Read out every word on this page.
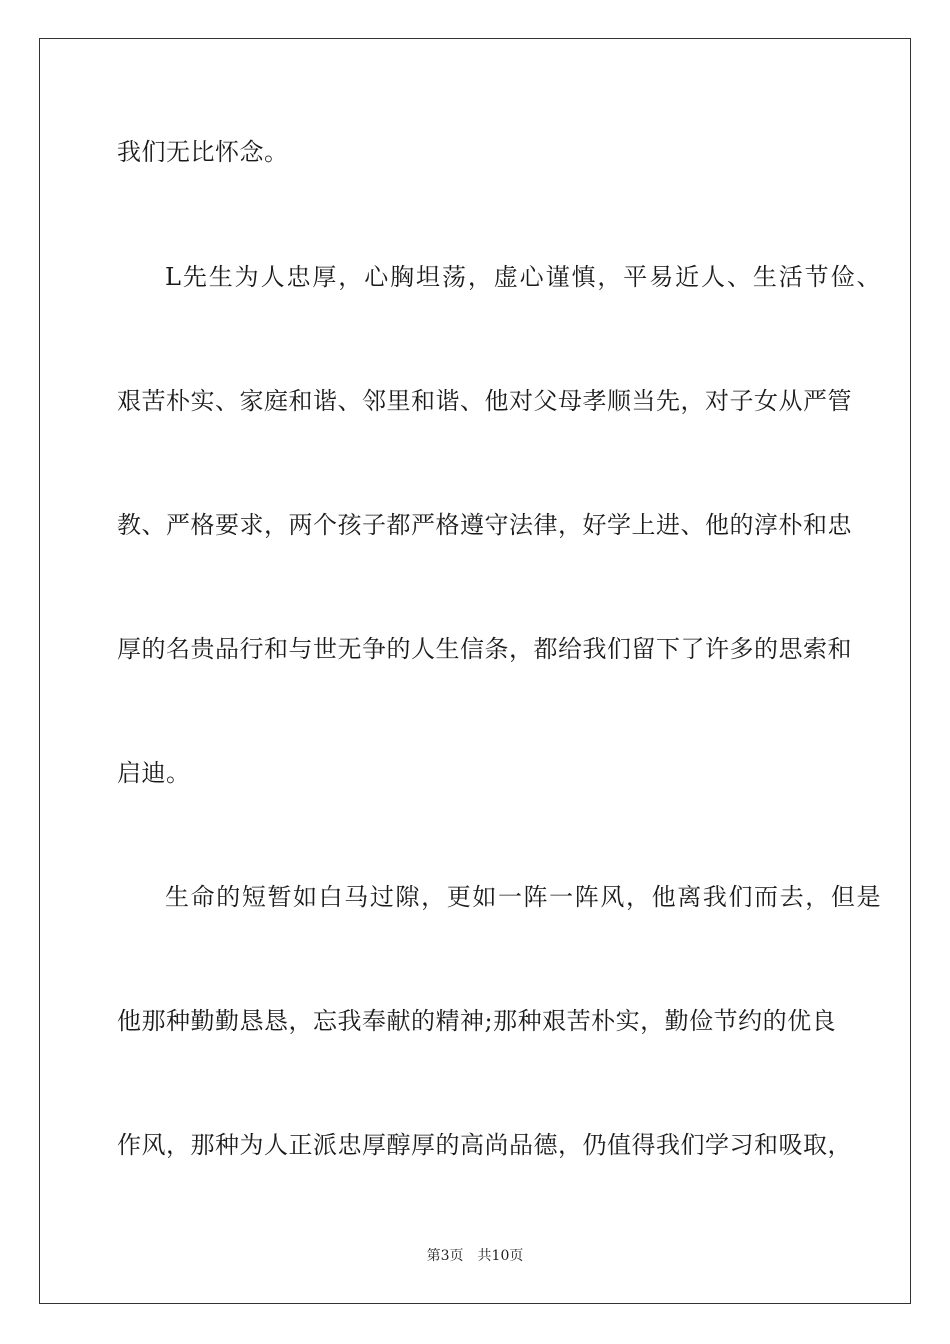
我们无比怀念。
L先生为人忠厚，心胸坦荡，虚心谨慎，平易近人、生活节俭、
艰苦朴实、家庭和谐、邻里和谐、他对父母孝顺当先，对子女从严管
教、严格要求，两个孩子都严格遵守法律，好学上进、他的淳朴和忠
厚的名贵品行和与世无争的人生信条，都给我们留下了许多的思索和
启迪。
生命的短暂如白马过隙，更如一阵一阵风，他离我们而去，但是
他那种勤勤恳恳，忘我奉献的精神;那种艰苦朴实，勤俭节约的优良
作风，那种为人正派忠厚醇厚的高尚品德，仍值得我们学习和吸取，
第3页 共10页
